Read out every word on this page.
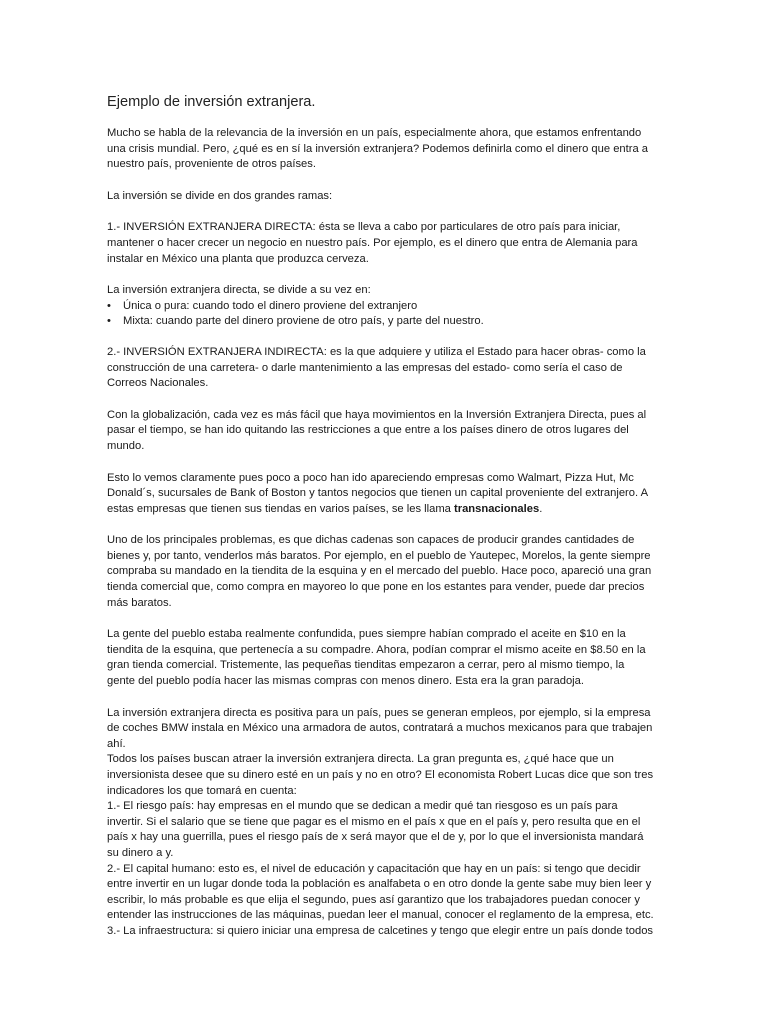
Ejemplo de inversión extranjera.

Mucho se habla de la relevancia de la inversión en un país, especialmente ahora, que estamos enfrentando
una crisis mundial. Pero, ¿qué es en sí la inversión extranjera? Podemos definirla como el dinero que entra a
nuestro país, proveniente de otros países.

La inversión se divide en dos grandes ramas:

1.- INVERSIÓN EXTRANJERA DIRECTA: ésta se lleva a cabo por particulares de otro país para iniciar,
mantener o hacer crecer un negocio en nuestro país. Por ejemplo, es el dinero que entra de Alemania para
instalar en México una planta que produzca cerveza.

La inversión extranjera directa, se divide a su vez en:

• Única o pura: cuando todo el dinero proviene del extranjero
• Mixta: cuando parte del dinero proviene de otro país, y parte del nuestro.

2.- INVERSIÓN EXTRANJERA INDIRECTA: es la que adquiere y utiliza el Estado para hacer obras- como la
construcción de una carretera- o darle mantenimiento a las empresas del estado- como sería el caso de
Correos Nacionales.

Con la globalización, cada vez es más fácil que haya movimientos en la Inversión Extranjera Directa, pues al
pasar el tiempo, se han ido quitando las restricciones a que entre a los países dinero de otros lugares del
mundo.

Esto lo vemos claramente pues poco a poco han ido apareciendo empresas como Walmart, Pizza Hut, Mc
Donald´s, sucursales de Bank of Boston y tantos negocios que tienen un capital proveniente del extranjero. A
estas empresas que tienen sus tiendas en varios países, se les llama transnacionales.

Uno de los principales problemas, es que dichas cadenas son capaces de producir grandes cantidades de
bienes y, por tanto, venderlos más baratos. Por ejemplo, en el pueblo de Yautepec, Morelos, la gente siempre
compraba su mandado en la tiendita de la esquina y en el mercado del pueblo. Hace poco, apareció una gran
tienda comercial que, como compra en mayoreo lo que pone en los estantes para vender, puede dar precios
más baratos.

La gente del pueblo estaba realmente confundida, pues siempre habían comprado el aceite en $10 en la
tiendita de la esquina, que pertenecía a su compadre. Ahora, podían comprar el mismo aceite en $8.50 en la
gran tienda comercial. Tristemente, las pequeñas tienditas empezaron a cerrar, pero al mismo tiempo, la
gente del pueblo podía hacer las mismas compras con menos dinero. Esta era la gran paradoja.

La inversión extranjera directa es positiva para un país, pues se generan empleos, por ejemplo, si la empresa
de coches BMW instala en México una armadora de autos, contratará a muchos mexicanos para que trabajen
ahí.
Todos los países buscan atraer la inversión extranjera directa. La gran pregunta es, ¿qué hace que un
inversionista desee que su dinero esté en un país y no en otro? El economista Robert Lucas dice que son tres
indicadores los que tomará en cuenta:
1.- El riesgo país: hay empresas en el mundo que se dedican a medir qué tan riesgoso es un país para
invertir. Si el salario que se tiene que pagar es el mismo en el país x que en el país y, pero resulta que en el
país x hay una guerrilla, pues el riesgo país de x será mayor que el de y, por lo que el inversionista mandará
su dinero a y.
2.- El capital humano: esto es, el nivel de educación y capacitación que hay en un país: si tengo que decidir
entre invertir en un lugar donde toda la población es analfabeta o en otro donde la gente sabe muy bien leer y
escribir, lo más probable es que elija el segundo, pues así garantizo que los trabajadores puedan conocer y
entender las instrucciones de las máquinas, puedan leer el manual, conocer el reglamento de la empresa, etc.
3.- La infraestructura: si quiero iniciar una empresa de calcetines y tengo que elegir entre un país donde todos
